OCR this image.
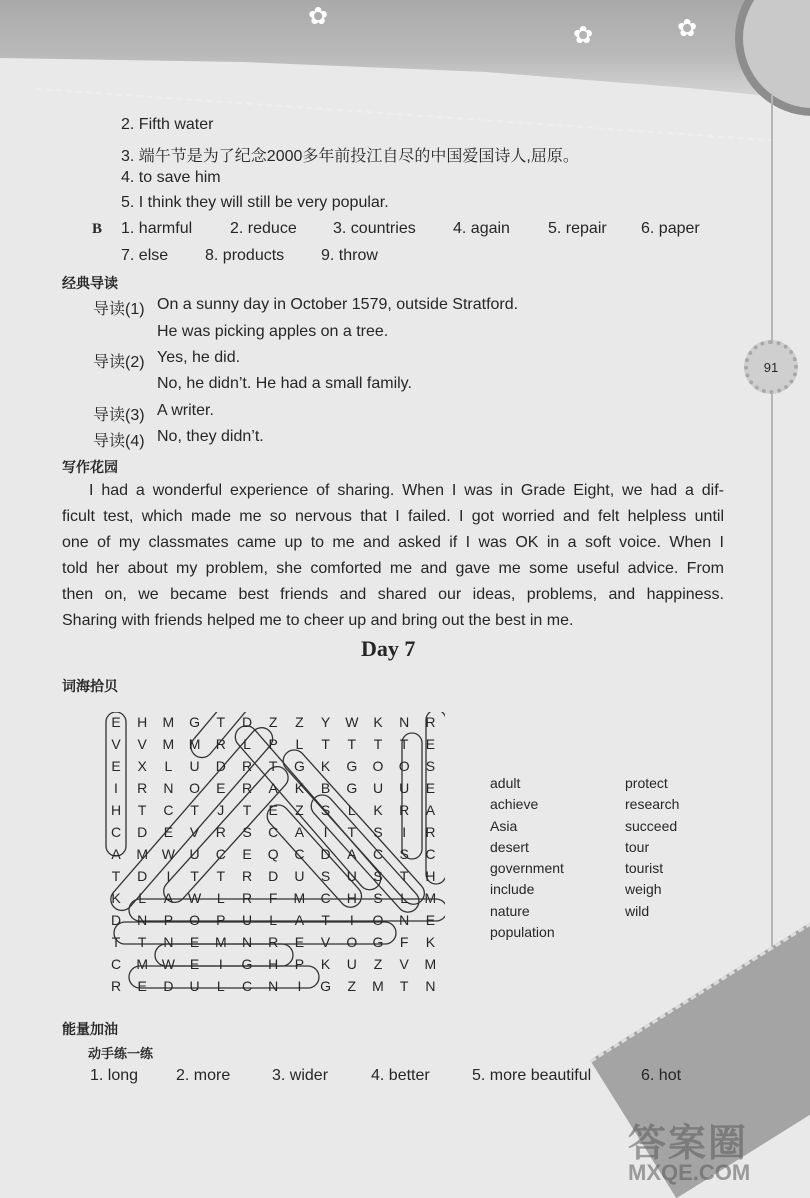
✿
✿	✿
91
答案圈
MXQE.COM
2. Fifth water
3. 端午节是为了纪念2000多年前投江自尽的中国爱国诗人,屈原。
4. to save him
5. I think they will still be very popular.
B 1. harmful 2. reduce 3. countries 4. again 5. repair 6. paper
7. else 8. products 9. throw
经典导读
导读(1) On a sunny day in October 1579, outside Stratford.
He was picking apples on a tree.
导读(2) Yes, he did.
No, he didn’t. He had a small family.
导读(3) A writer.
导读(4) No, they didn’t.
写作花园
I had a wonderful experience of sharing. When I was in Grade Eight, we had a dif-
ficult test, which made me so nervous that I failed. I got worried and felt helpless until
one of my classmates came up to me and asked if I was OK in a soft voice. When I
told her about my problem, she comforted me and gave me some useful advice. From
then on, we became best friends and shared our ideas, problems, and happiness.
Sharing with friends helped me to cheer up and bring out the best in me.
Day 7
词海拾贝
E	H	M	G	T	D	Z	Z	Y	W	K	N	R
V	V	M	M	R	L	P	L	T	T	T	T	E
E	X	L	U	D	R	T	G	K	G	O	O	S
I	R	N	O	E	R	A	K	B	G	U	U	E
H	T	C	T	J	T	E	Z	S	L	K	R	A
C	D	E	V	R	S	C	A	I	T	S	I	R
A	M W	U	C	E	Q	C	D	A	C	S	C
T	D	I	T	T	R	D	U	S	U	S	T	H
K	L	A	W	L	R	F	M	C	H	S	L	M
D	N	P	O	P	U	L	A	T	I	O	N	E
T	T	N	E	M	N	R	E	V	O	G	F	K
C	M W	E	I	G	H	P	K	U	Z	V	M
R	E	D	U	L	C	N	I	G	Z	M	T	N
adult
achieve
Asia
desert
government
include
nature
population
protect
research
succeed
tour
tourist
weigh
wild
能量加油
动手练一练
1. long 2. more	3. wider	4. better	5. more beautiful	6. hot
